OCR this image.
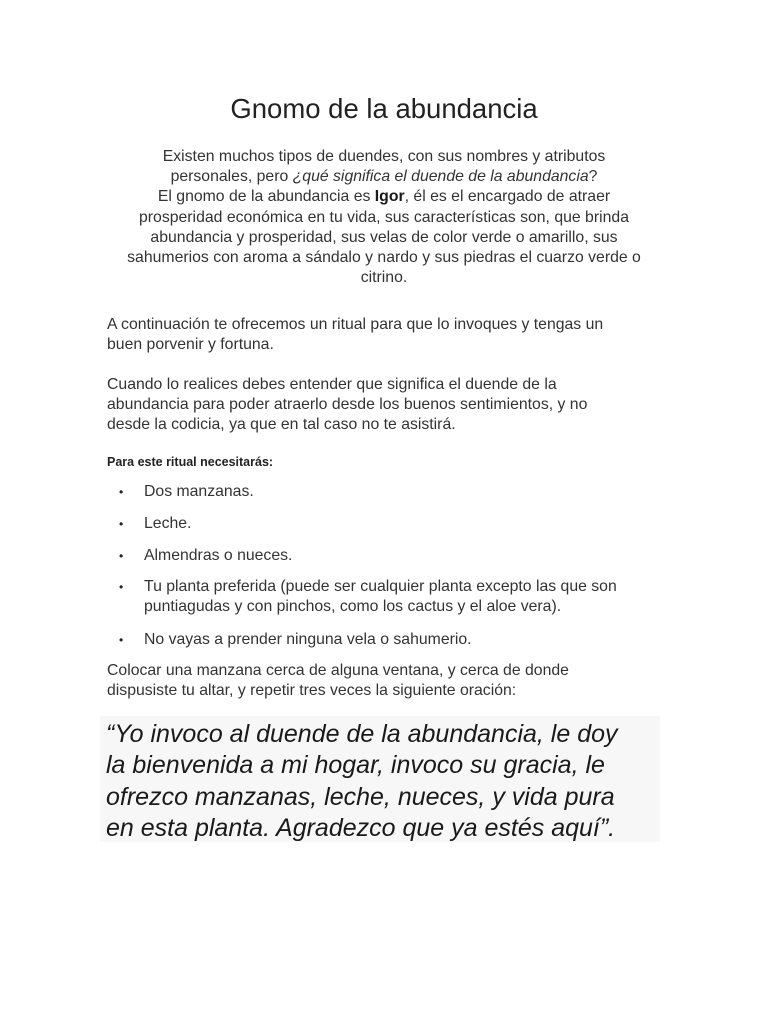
Gnomo de la abundancia
Existen muchos tipos de duendes, con sus nombres y atributos
personales, pero ¿qué significa el duende de la abundancia?
El gnomo de la abundancia es Igor, él es el encargado de atraer
prosperidad económica en tu vida, sus características son, que brinda
abundancia y prosperidad, sus velas de color verde o amarillo, sus
sahumerios con aroma a sándalo y nardo y sus piedras el cuarzo verde o
citrino.
A continuación te ofrecemos un ritual para que lo invoques y tengas un
buen porvenir y fortuna.
Cuando lo realices debes entender que significa el duende de la
abundancia para poder atraerlo desde los buenos sentimientos, y no
desde la codicia, ya que en tal caso no te asistirá.
Para este ritual necesitarás:
• Dos manzanas.
• Leche.
• Almendras o nueces.
• Tu planta preferida (puede ser cualquier planta excepto las que son
puntiagudas y con pinchos, como los cactus y el aloe vera).
• No vayas a prender ninguna vela o sahumerio.
Colocar una manzana cerca de alguna ventana, y cerca de donde
dispusiste tu altar, y repetir tres veces la siguiente oración:
“Yo invoco al duende de la abundancia, le doy
la bienvenida a mi hogar, invoco su gracia, le
ofrezco manzanas, leche, nueces, y vida pura
en esta planta. Agradezco que ya estés aquí”.
